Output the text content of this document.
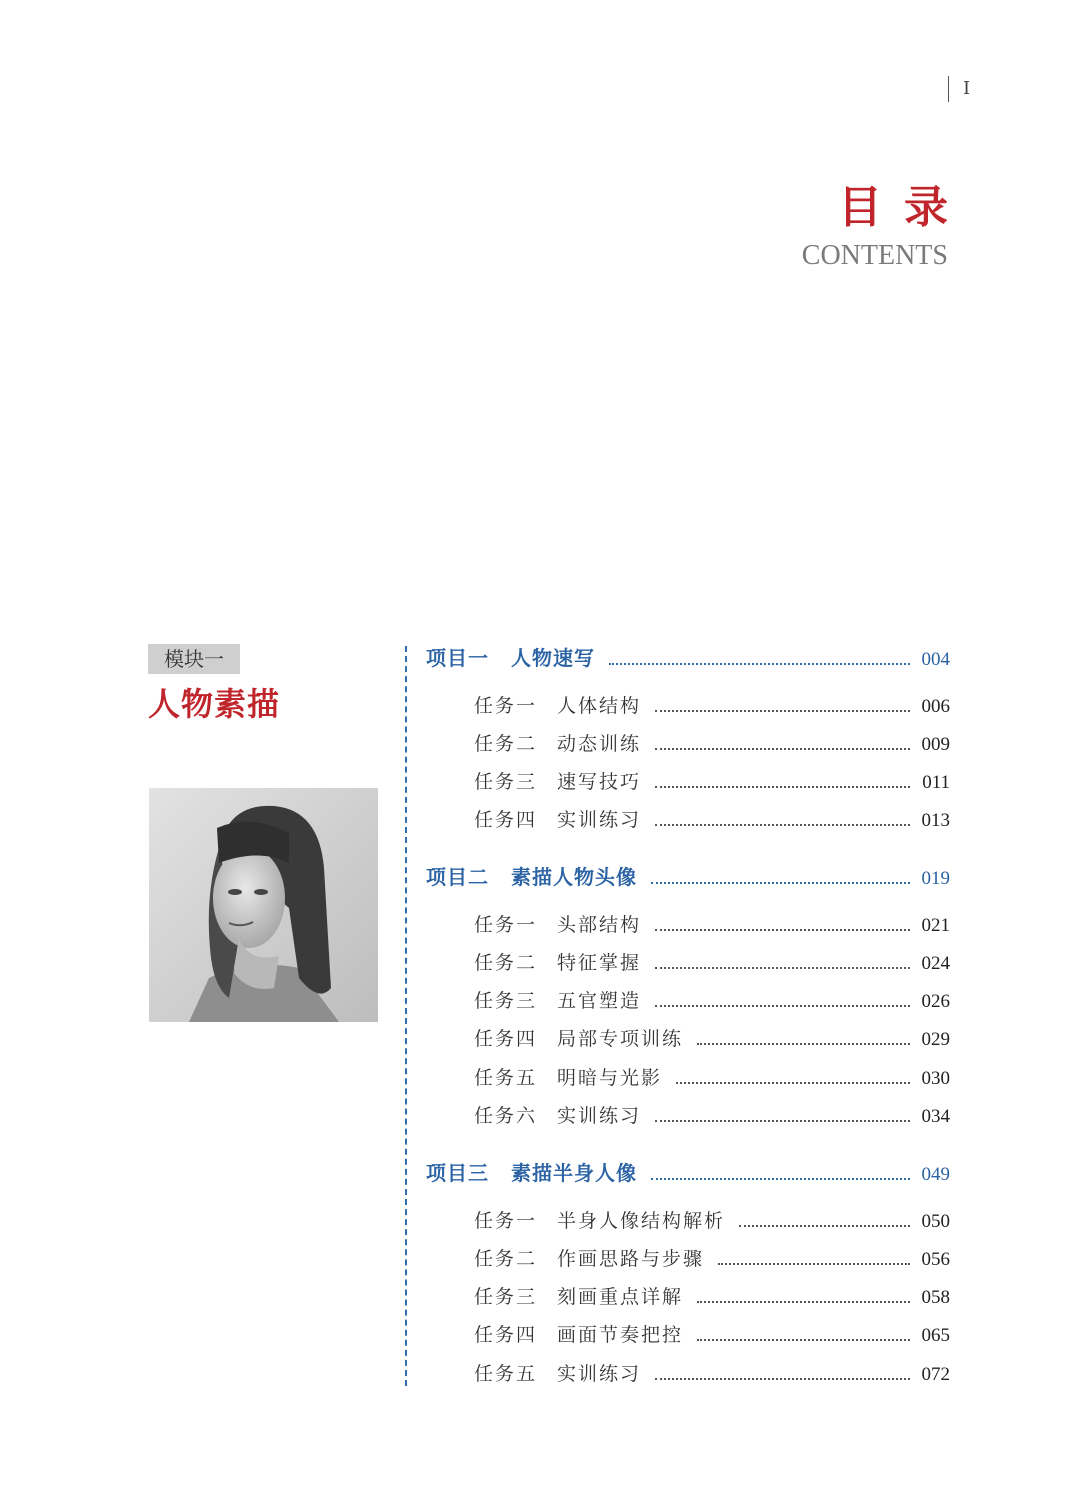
I
目录
CONTENTS
模块一
人物素描
项目一 人物速写	004
任务一 人体结构	006
任务二 动态训练	009
任务三 速写技巧	011
任务四 实训练习	013
项目二 素描人物头像	019
任务一 头部结构	021
任务二 特征掌握	024
任务三 五官塑造	026
任务四 局部专项训练	029
任务五 明暗与光影	030
任务六 实训练习	034
项目三 素描半身人像	049
任务一 半身人像结构解析	050
任务二 作画思路与步骤	056
任务三 刻画重点详解	058
任务四 画面节奏把控	065
任务五 实训练习	072
